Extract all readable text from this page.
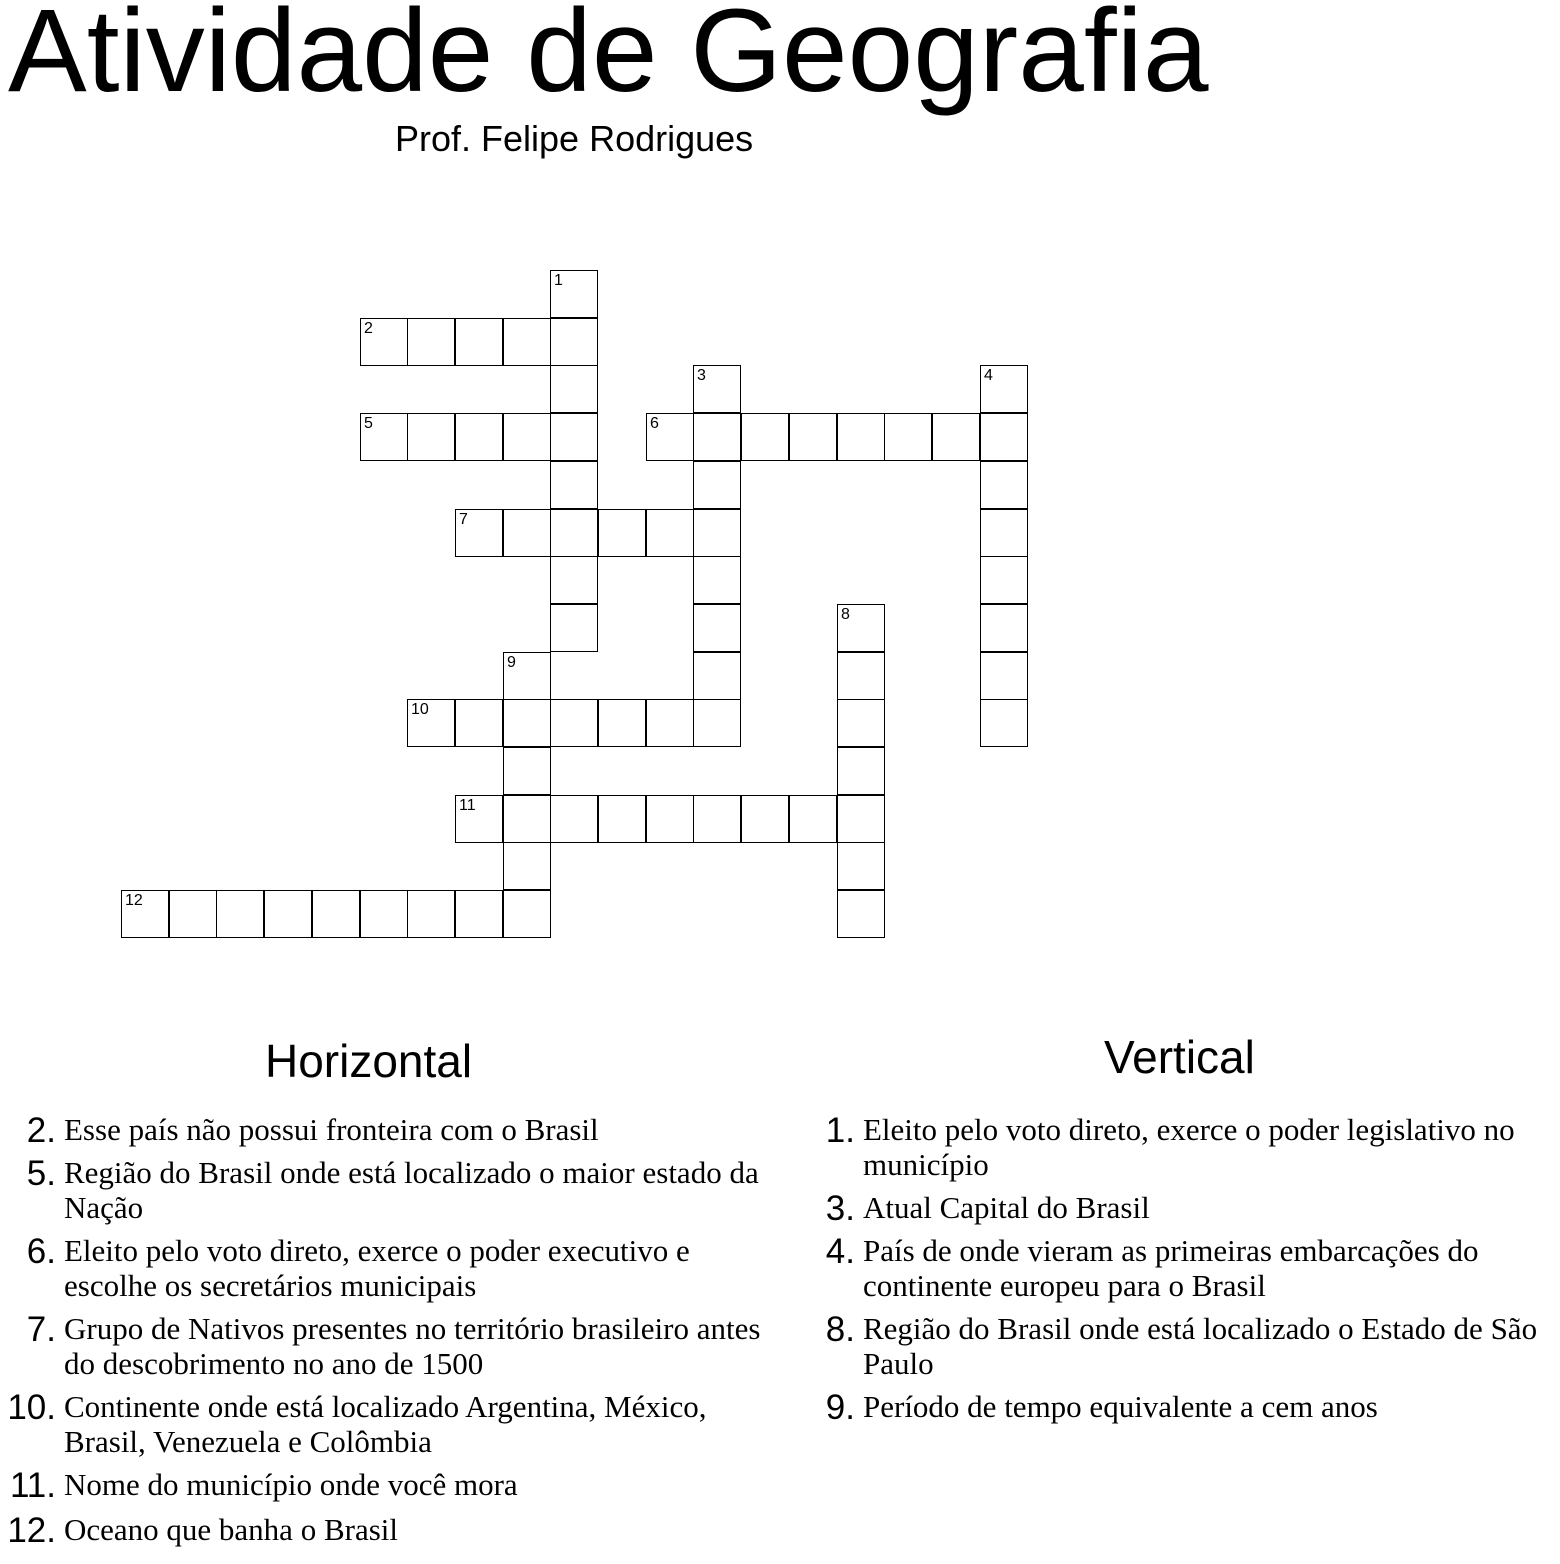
Atividade de Geografia
Prof. Felipe Rodrigues
1
2
3	4
5	6
7
8
9
10
11
12
Horizontal	Vertical
2. Esse país não possui fronteira com o Brasil
5. Região do Brasil onde está localizado o maior estado da Nação
6. Eleito pelo voto direto, exerce o poder executivo e escolhe os secretários municipais
7. Grupo de Nativos presentes no território brasileiro antes do descobrimento no ano de 1500
10. Continente onde está localizado Argentina, México, Brasil, Venezuela e Colômbia
11. Nome do município onde você mora
12. Oceano que banha o Brasil
1. Eleito pelo voto direto, exerce o poder legislativo no município
3. Atual Capital do Brasil
4. País de onde vieram as primeiras embarcações do continente europeu para o Brasil
8. Região do Brasil onde está localizado o Estado de São Paulo
9. Período de tempo equivalente a cem anos
